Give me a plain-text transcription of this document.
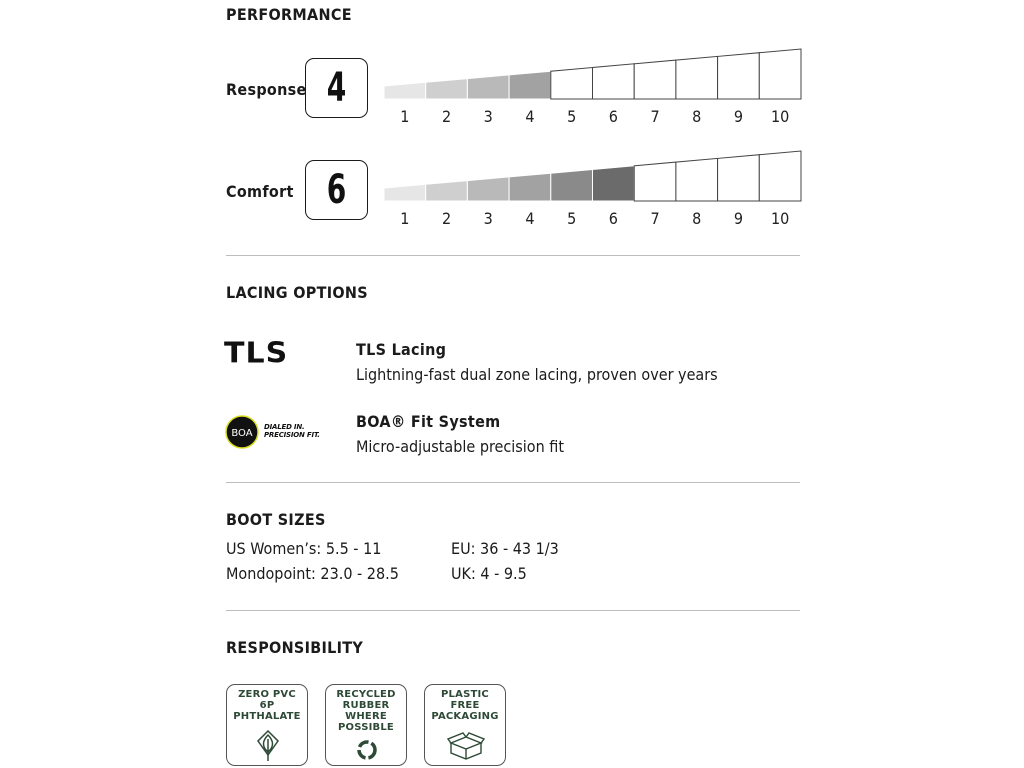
PERFORMANCE
Response 4
1	2	3	4	5	6	7	8	9	10
Comfort 6
1	2	3	4	5	6	7	8	9	10
LACING OPTIONS
TLS	TLS Lacing
Lightning-fast dual zone lacing, proven over years
BOA
DIALED IN.
PRECISION FIT.
BOA® Fit System
Micro-adjustable precision fit
BOOT SIZES
US Women’s: 5.5 - 11	EU: 36 - 43 1/3
Mondopoint: 23.0 - 28.5	UK: 4 - 9.5
RESPONSIBILITY
ZERO PVC
6P
PHTHALATE
RECYCLED
RUBBER
WHERE
POSSIBLE
PLASTIC
FREE
PACKAGING
